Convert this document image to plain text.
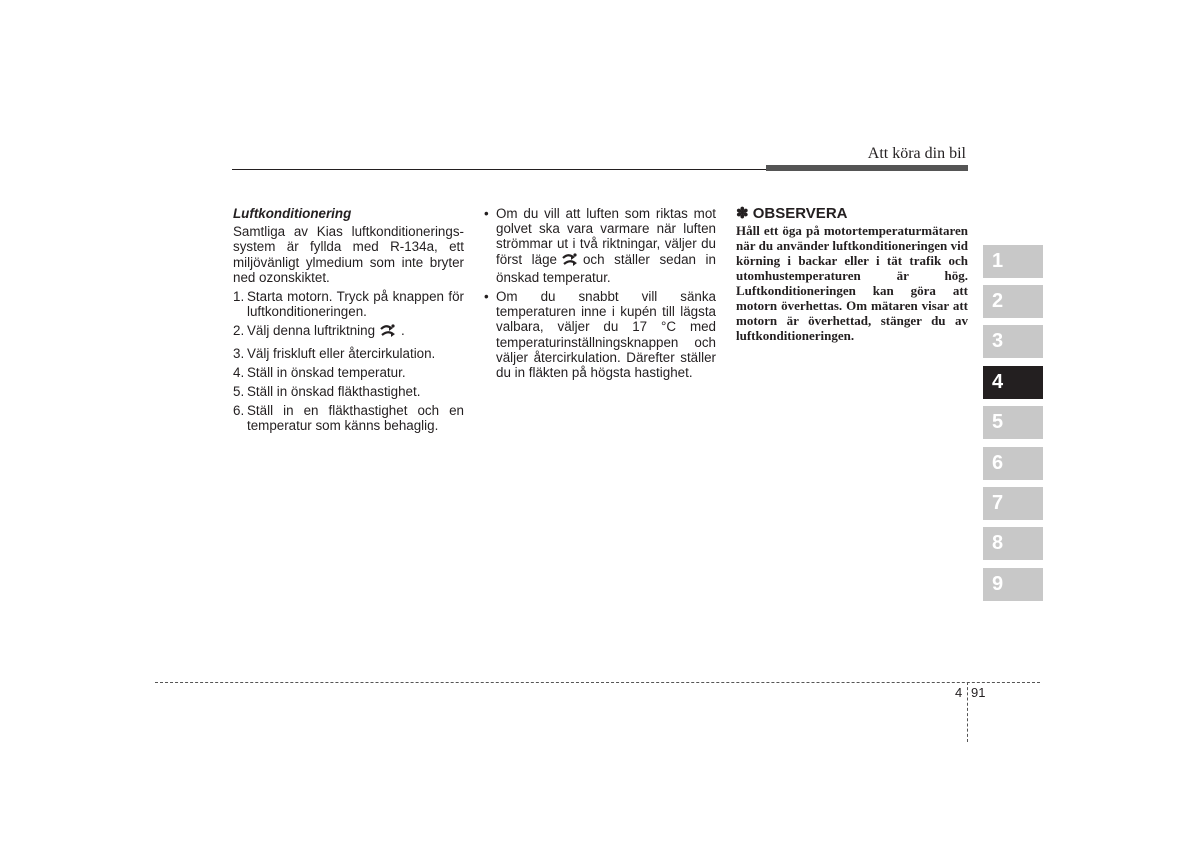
Att köra din bil
Luftkonditionering
Samtliga av Kias luftkonditionerings-system är fyllda med R-134a, ett miljövänligt ylmedium som inte bryter ned ozonskiktet.
1. Starta motorn. Tryck på knappen för luftkonditioneringen.
2. Välj denna luftriktning .
3. Välj friskluft eller återcirkulation.
4. Ställ in önskad temperatur.
5. Ställ in önskad fläkthastighet.
6. Ställ in en fläkthastighet och en temperatur som känns behaglig.
• Om du vill att luften som riktas mot golvet ska vara varmare när luften strömmar ut i två riktningar, väljer du först läge och ställer sedan in önskad temperatur.
• Om du snabbt vill sänka temperaturen inne i kupén till lägsta valbara, väljer du 17 °C med temperaturinställningsknappen och väljer återcirkulation. Därefter ställer du in fläkten på högsta hastighet.
✽ OBSERVERA
Håll ett öga på motortemperaturmätaren när du använder luftkonditioneringen vid körning i backar eller i tät trafik och utomhustemperaturen är hög. Luftkonditioneringen kan göra att motorn överhettas. Om mätaren visar att motorn är överhettad, stänger du av luftkonditioneringen.
1
2
3
4
5
6
7
8
9
4 91
